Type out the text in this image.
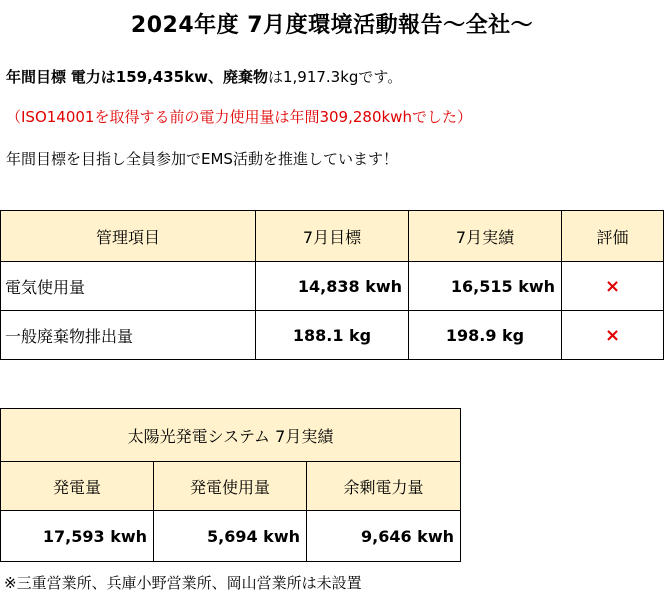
2024年度 7月度環境活動報告～全社～
年間目標 電力は159,435kw、廃棄物は1,917.3kgです。
（ISO14001を取得する前の電力使用量は年間309,280kwhでした）
年間目標を目指し全員参加でEMS活動を推進しています！
管理項目	7月目標	7月実績	評価
電気使用量	14,838 kwh	16,515 kwh	×
一般廃棄物排出量	188.1 kg	198.9 kg	×
太陽光発電システム 7月実績		
発電量	発電使用量	余剰電力量
17,593 kwh	5,694 kwh	9,646 kwh
※三重営業所、兵庫小野営業所、岡山営業所は未設置
